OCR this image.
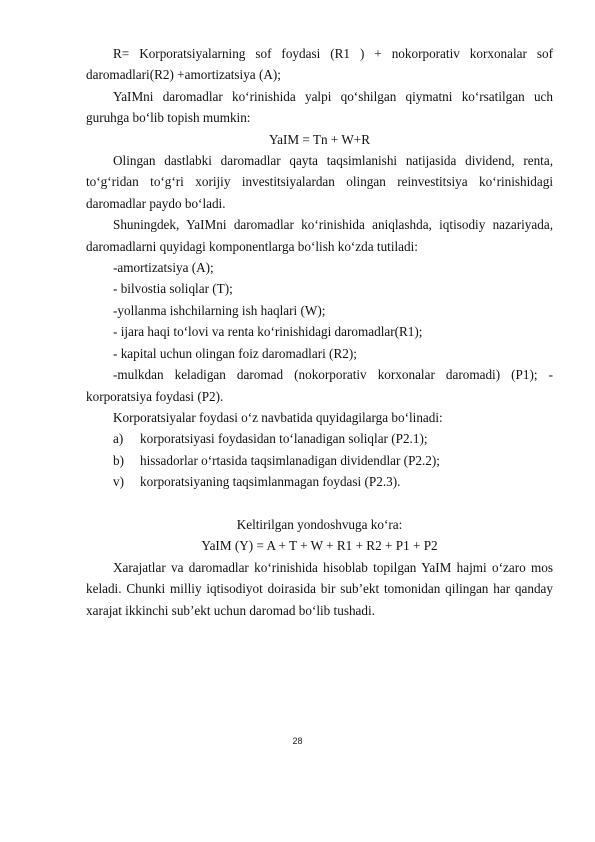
R= Korporatsiyalarning sof foydasi (R1 ) + nokorporativ korxonalar sof daromadlari(R2) +amortizatsiya (A);

YaIMni daromadlar ko‘rinishida yalpi qo‘shilgan qiymatni ko‘rsatilgan uch guruhga bo‘lib topish mumkin:

YaIM = Tn + W+R

Olingan dastlabki daromadlar qayta taqsimlanishi natijasida dividend, renta, to‘g‘ridan to‘g‘ri xorijiy investitsiyalardan olingan reinvestitsiya ko‘rinishidagi daromadlar paydo bo‘ladi.

Shuningdek, YaIMni daromadlar ko‘rinishida aniqlashda, iqtisodiy nazariyada, daromadlarni quyidagi komponentlarga bo‘lish ko‘zda tutiladi:

-amortizatsiya (A);

- bilvostia soliqlar (T);

-yollanma ishchilarning ish haqlari (W);

- ijara haqi to‘lovi va renta ko‘rinishidagi daromadlar(R1);

- kapital uchun olingan foiz daromadlari (R2);

-mulkdan keladigan daromad (nokorporativ korxonalar daromadi) (P1); - korporatsiya foydasi (P2).

Korporatsiyalar foydasi o‘z navbatida quyidagilarga bo‘linadi:

a)	korporatsiyasi foydasidan to‘lanadigan soliqlar (P2.1);
b)	hissadorlar o‘rtasida taqsimlanadigan dividendlar (P2.2);
v)	korporatsiyaning taqsimlanmagan foydasi (P2.3).

Keltirilgan yondoshvuga ko‘ra:

YaIM (Y) = A + T + W + R1 + R2 + P1 + P2

Xarajatlar va daromadlar ko‘rinishida hisoblab topilgan YaIM hajmi o‘zaro mos keladi. Chunki milliy iqtisodiyot doirasida bir sub’ekt tomonidan qilingan har qanday xarajat ikkinchi sub’ekt uchun daromad bo‘lib tushadi.

28
